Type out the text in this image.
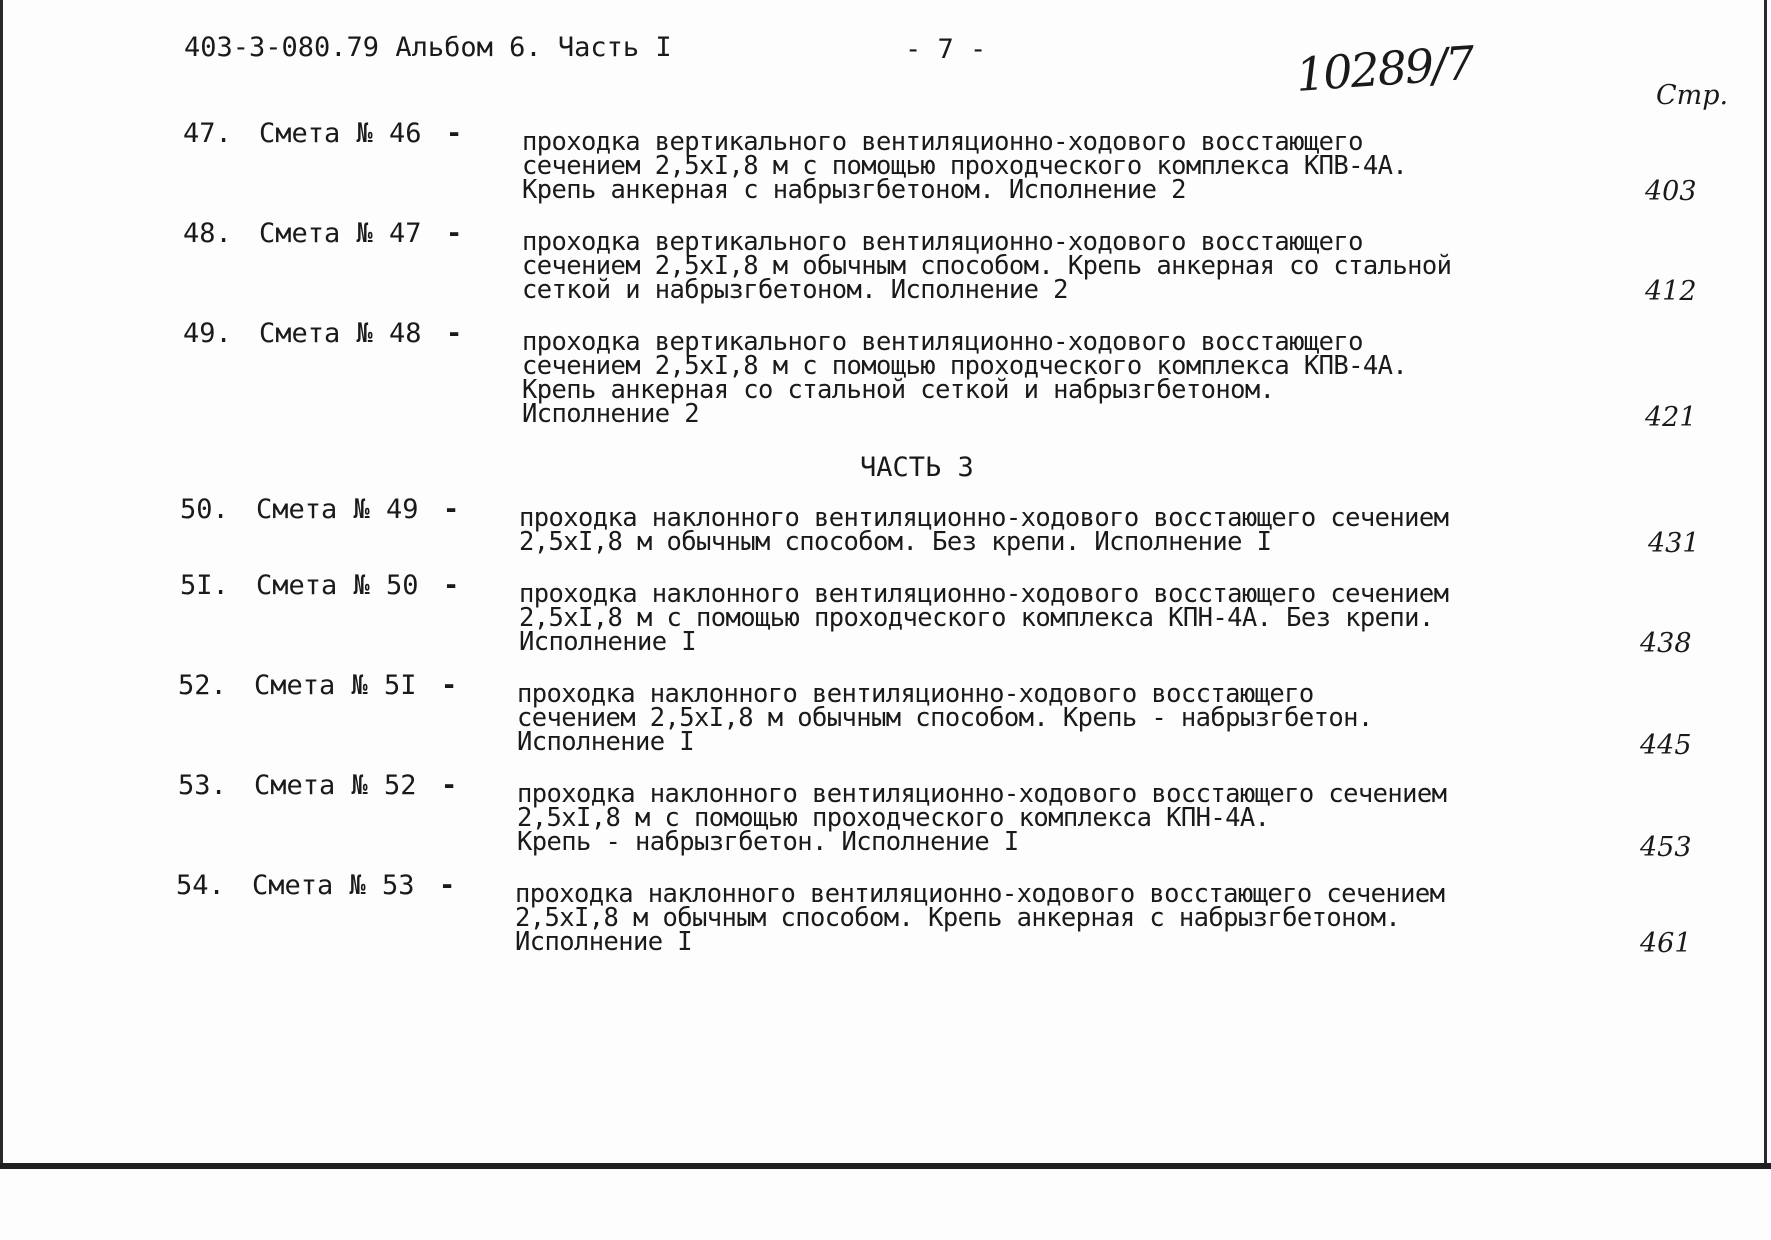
403-3-080.79 Альбом 6. Часть I	- 7 -	10289/7	Стр.
ЧАСТЬ 3
47. Смета № 46 - проходка вертикального вентиляционно-ходового восстающего
сечением 2,5хI,8 м с помощью проходческого комплекса КПВ-4А.
Крепь анкерная с набрызгбетоном. Исполнение 2	403
48. Смета № 47 - проходка вертикального вентиляционно-ходового восстающего
сечением 2,5хI,8 м обычным способом. Крепь анкерная со стальной
сеткой и набрызгбетоном. Исполнение 2	412
49. Смета № 48 - проходка вертикального вентиляционно-ходового восстающего
сечением 2,5хI,8 м с помощью проходческого комплекса КПВ-4А.
Крепь анкерная со стальной сеткой и набрызгбетоном.
Исполнение 2	421
50. Смета № 49 - проходка наклонного вентиляционно-ходового восстающего сечением
2,5хI,8 м обычным способом. Без крепи. Исполнение I	431
5I. Смета № 50 - проходка наклонного вентиляционно-ходового восстающего сечением
2,5хI,8 м с помощью проходческого комплекса КПН-4А. Без крепи.
Исполнение I	438
52. Смета № 5I - проходка наклонного вентиляционно-ходового восстающего
сечением 2,5хI,8 м обычным способом. Крепь - набрызгбетон.
Исполнение I	445
53. Смета № 52 - проходка наклонного вентиляционно-ходового восстающего сечением
2,5хI,8 м с помощью проходческого комплекса КПН-4А.
Крепь - набрызгбетон. Исполнение I	453
54. Смета № 53 - проходка наклонного вентиляционно-ходового восстающего сечением
2,5хI,8 м обычным способом. Крепь анкерная с набрызгбетоном.
Исполнение I	461
